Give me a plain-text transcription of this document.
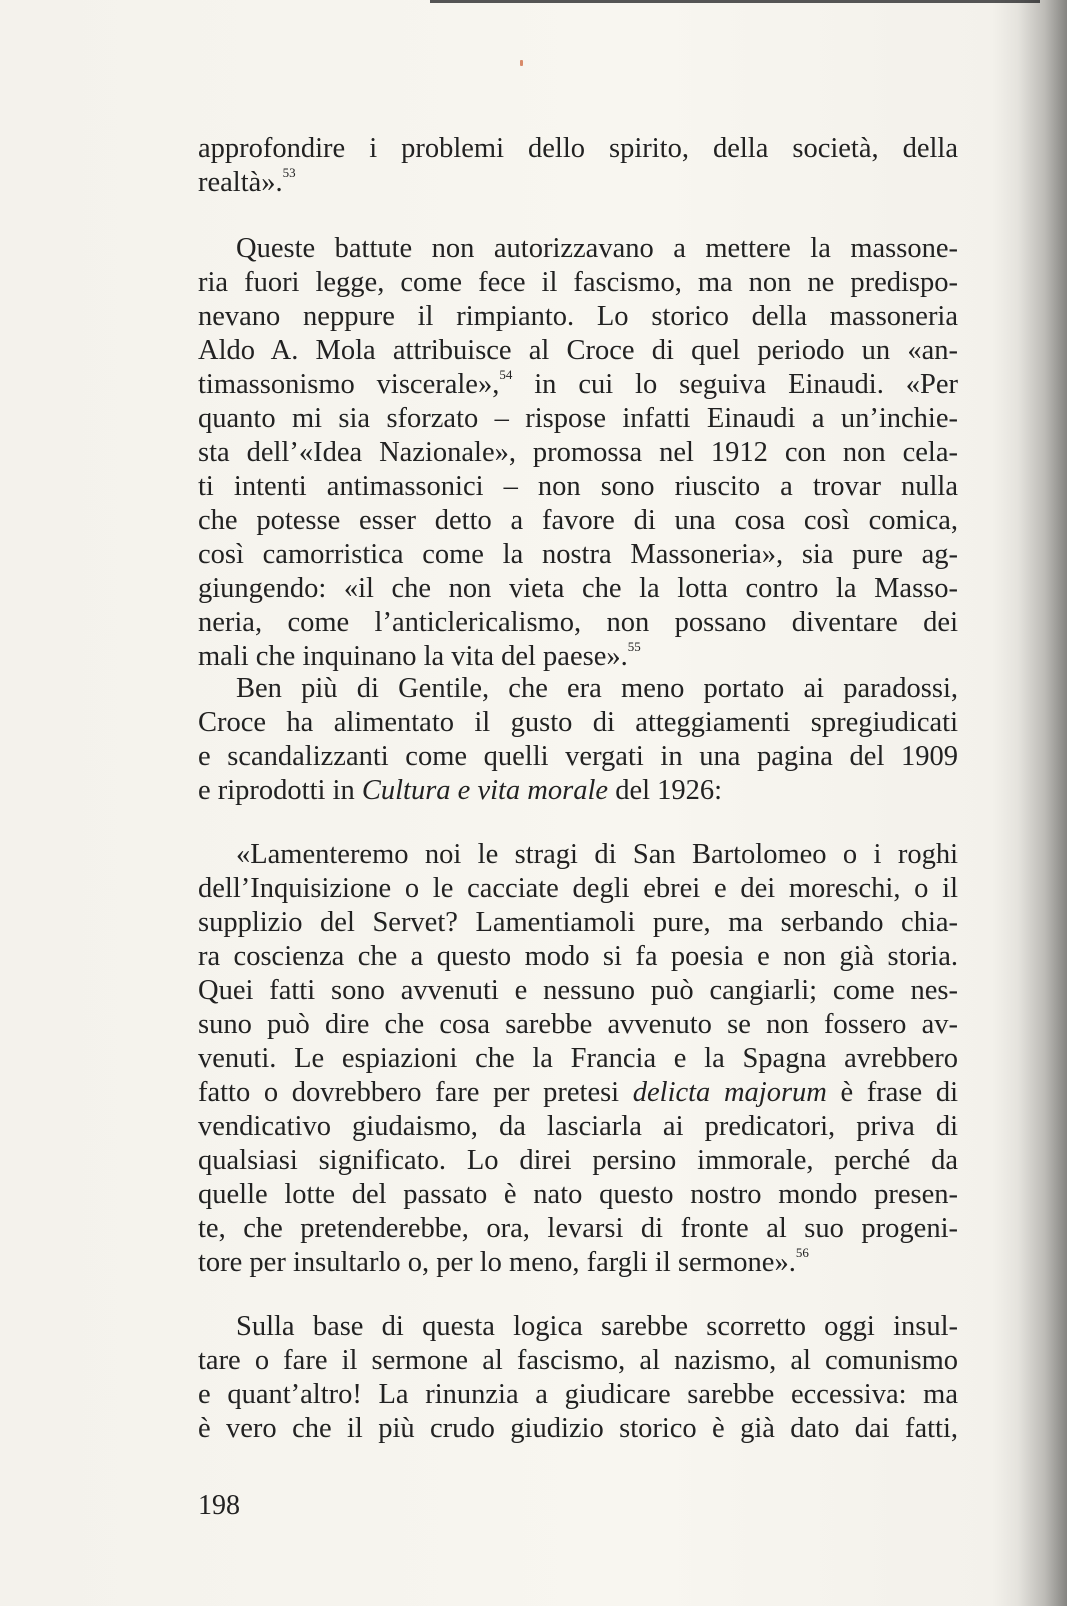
approfondire i problemi dello spirito, della società, della
realtà».$^{53}$
Queste battute non autorizzavano a mettere la massone-
ria fuori legge, come fece il fascismo, ma non ne predispo-
nevano neppure il rimpianto. Lo storico della massoneria
Aldo A. Mola attribuisce al Croce di quel periodo un «an-
timassonismo viscerale»,$^{54}$ in cui lo seguiva Einaudi. «Per
quanto mi sia sforzato – rispose infatti Einaudi a un’inchie-
sta dell’«Idea Nazionale», promossa nel 1912 con non cela-
ti intenti antimassonici – non sono riuscito a trovar nulla
che potesse esser detto a favore di una cosa così comica,
così camorristica come la nostra Massoneria», sia pure ag-
giungendo: «il che non vieta che la lotta contro la Masso-
neria, come l’anticlericalismo, non possano diventare dei
mali che inquinano la vita del paese».$^{55}$
Ben più di Gentile, che era meno portato ai paradossi,
Croce ha alimentato il gusto di atteggiamenti spregiudicati
e scandalizzanti come quelli vergati in una pagina del 1909
e riprodotti in Cultura e vita morale del 1926:
«Lamenteremo noi le stragi di San Bartolomeo o i roghi
dell’Inquisizione o le cacciate degli ebrei e dei moreschi, o il
supplizio del Servet? Lamentiamoli pure, ma serbando chia-
ra coscienza che a questo modo si fa poesia e non già storia.
Quei fatti sono avvenuti e nessuno può cangiarli; come nes-
suno può dire che cosa sarebbe avvenuto se non fossero av-
venuti. Le espiazioni che la Francia e la Spagna avrebbero
fatto o dovrebbero fare per pretesi delicta majorum è frase di
vendicativo giudaismo, da lasciarla ai predicatori, priva di
qualsiasi significato. Lo direi persino immorale, perché da
quelle lotte del passato è nato questo nostro mondo presen-
te, che pretenderebbe, ora, levarsi di fronte al suo progeni-
tore per insultarlo o, per lo meno, fargli il sermone».$^{56}$
Sulla base di questa logica sarebbe scorretto oggi insul-
tare o fare il sermone al fascismo, al nazismo, al comunismo
e quant’altro! La rinunzia a giudicare sarebbe eccessiva: ma
è vero che il più crudo giudizio storico è già dato dai fatti,
198
